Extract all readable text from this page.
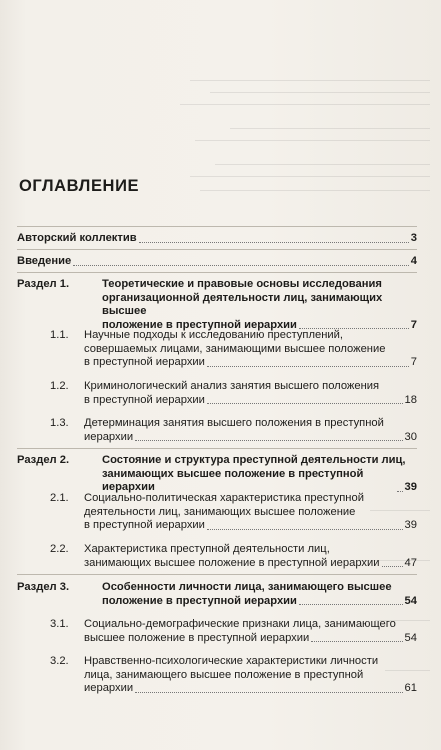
ОГЛАВЛЕНИЕ
Авторский коллектив	3
Введение	4
Раздел 1.	Теоретические и правовые основы исследования
организационной деятельности лиц, занимающих высшее
положение в преступной иерархии	7
1.1.	Научные подходы к исследованию преступлений,
совершаемых лицами, занимающими высшее положение
в преступной иерархии	7
1.2.	Криминологический анализ занятия высшего положения
в преступной иерархии	18
1.3.	Детерминация занятия высшего положения в преступной
иерархии	30
Раздел 2.	Состояние и структура преступной деятельности лиц,
занимающих высшее положение в преступной иерархии	39
2.1.	Социально-политическая характеристика преступной
деятельности лиц, занимающих высшее положение
в преступной иерархии	39
2.2.	Характеристика преступной деятельности лиц,
занимающих высшее положение в преступной иерархии 47
Раздел 3.	Особенности личности лица, занимающего высшее
положение в преступной иерархии	54
3.1.	Социально-демографические признаки лица, занимающего
высшее положение в преступной иерархии	54
3.2.	Нравственно-психологические характеристики личности
лица, занимающего высшее положение в преступной
иерархии	61
